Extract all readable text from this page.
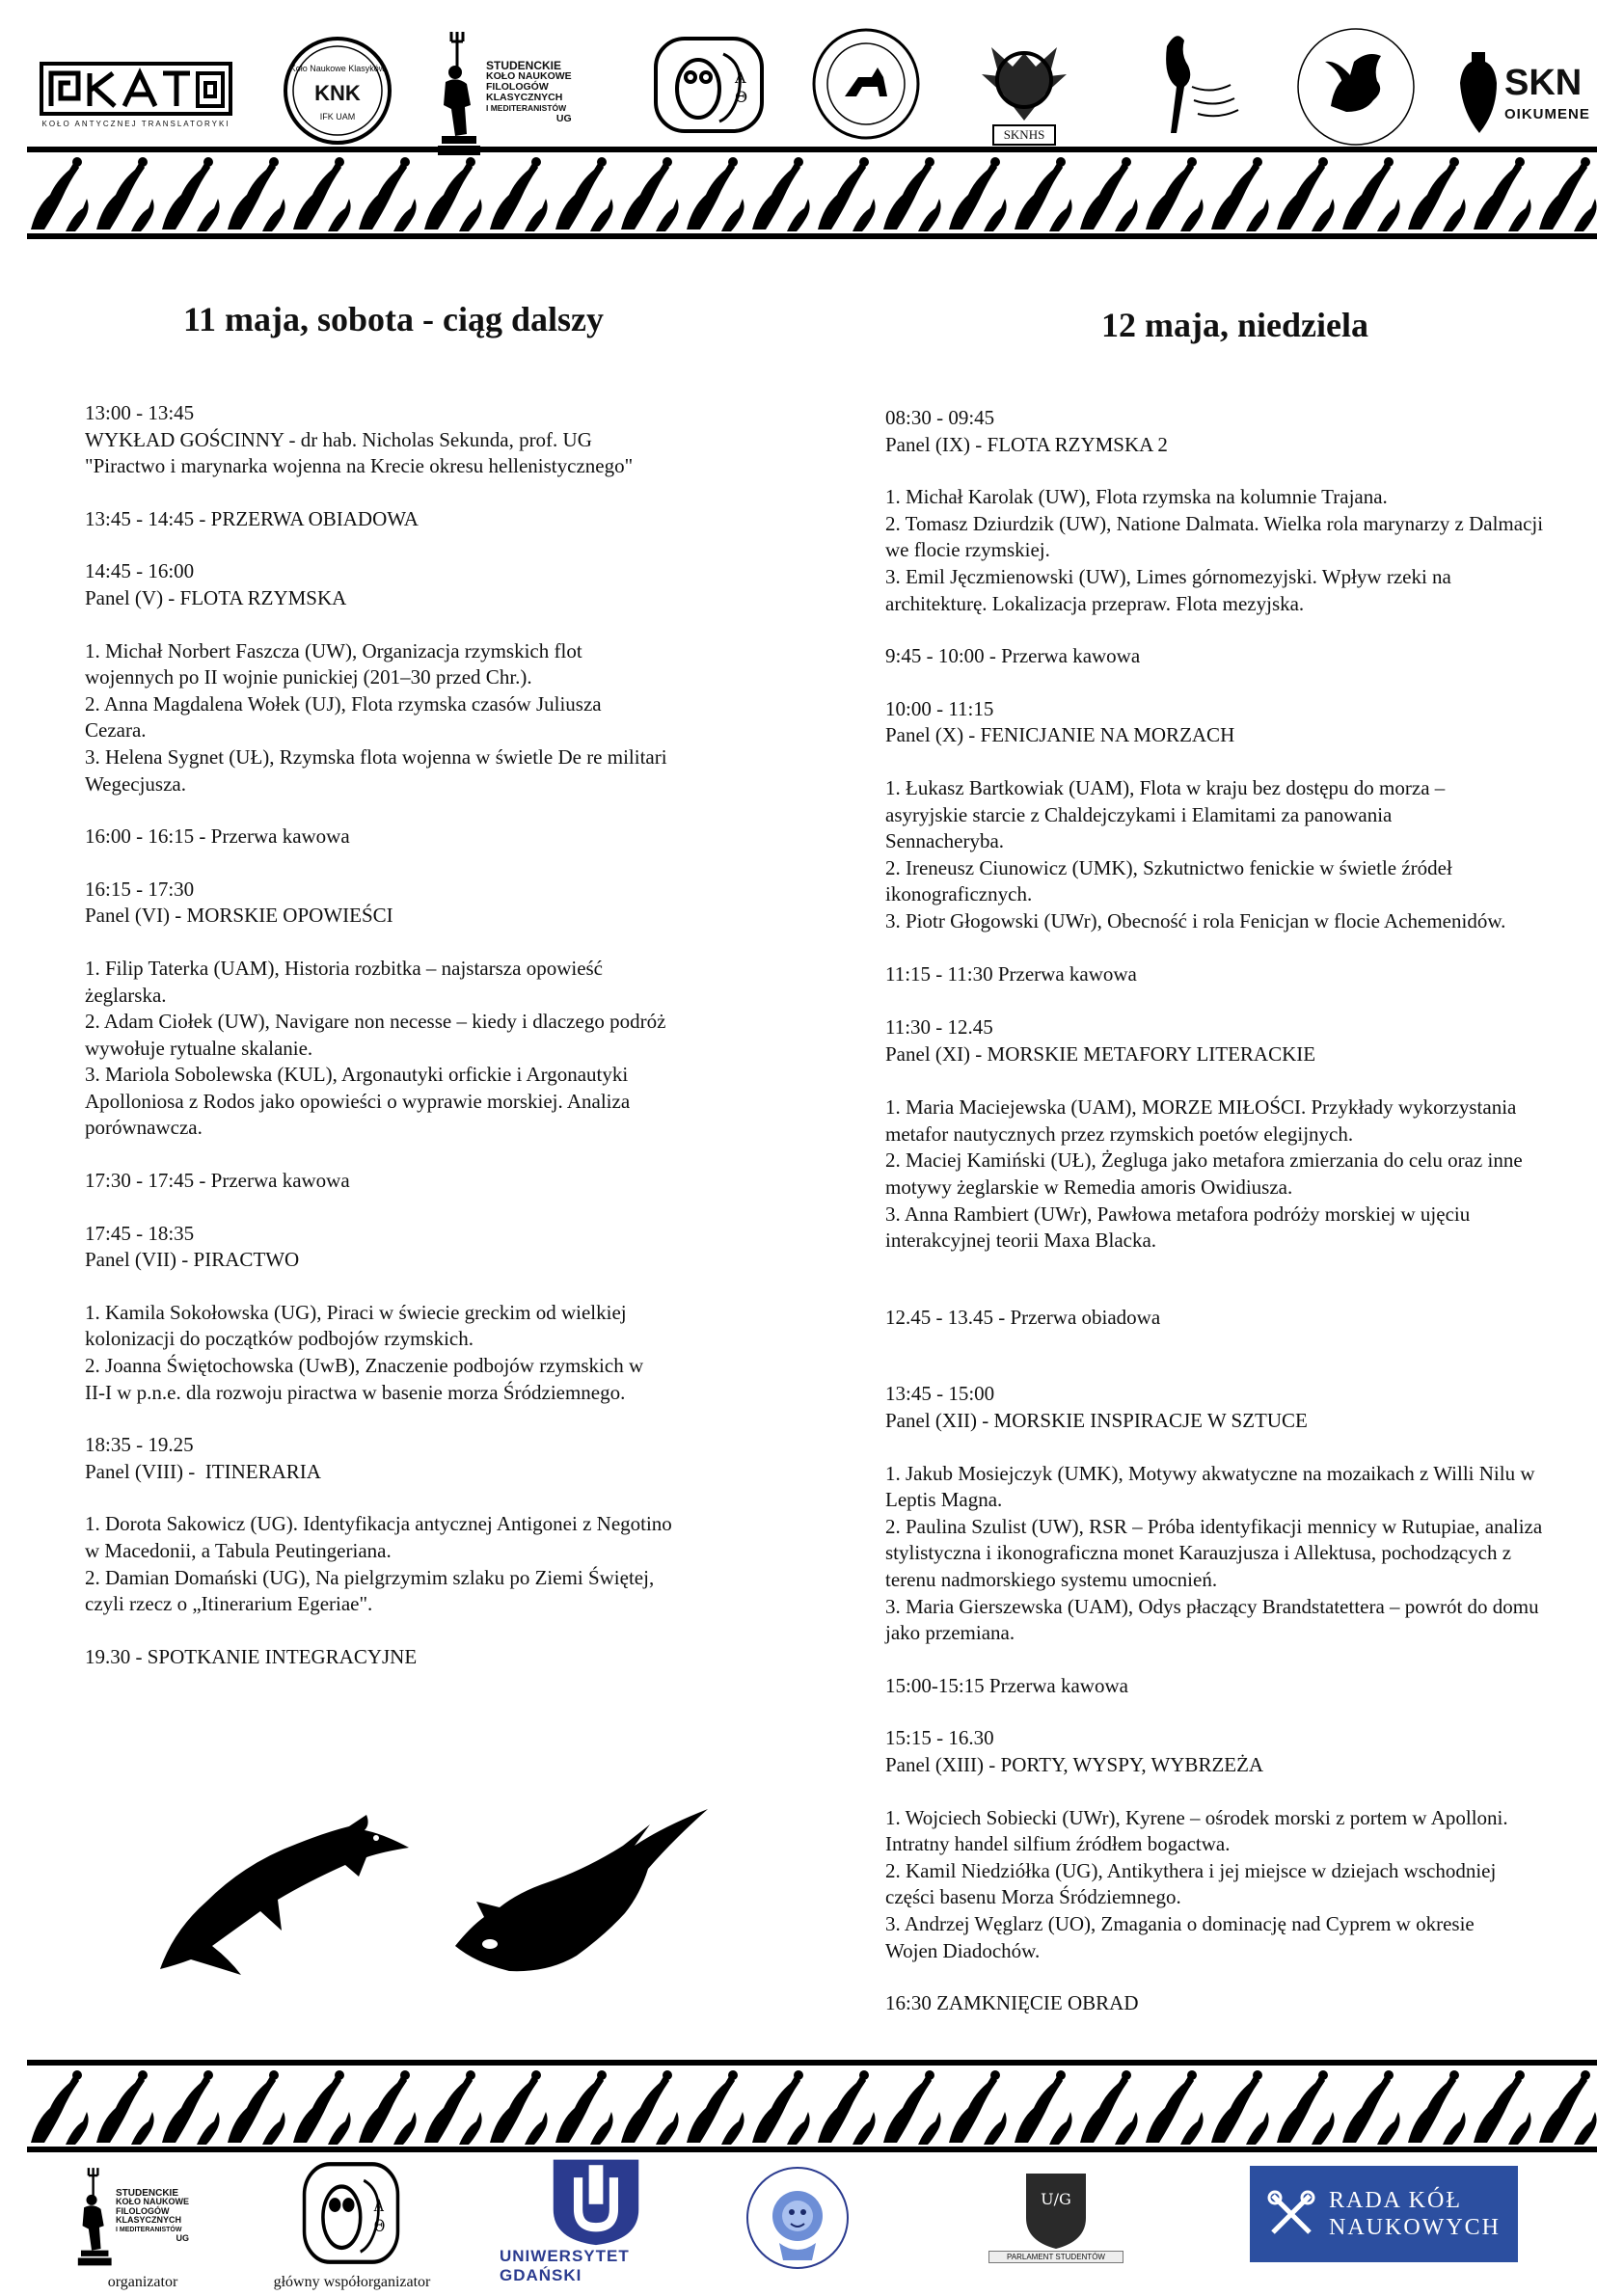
KOŁO ANTYCZNEJ TRANSLATORYKI
Koło Naukowe Klasyków
KNK
IFK UAM
STUDENCKIE
KOŁO NAUKOWE
FILOLOGÓW
KLASYCZNYCH
I MEDITERANISTÓW
UG
Α
Θ
SKNHS
SKN
OIKUMENE
11 maja, sobota - ciąg dalszy	12 maja, niedziela
13:00 - 13:45
WYKŁAD GOŚCINNY - dr hab. Nicholas Sekunda, prof. UG
"Piractwo i marynarka wojenna na Krecie okresu hellenistycznego"
13:45 - 14:45 - PRZERWA OBIADOWA
14:45 - 16:00
Panel (V) - FLOTA RZYMSKA
1. Michał Norbert Faszcza (UW), Organizacja rzymskich flot
wojennych po II wojnie punickiej (201–30 przed Chr.).
2. Anna Magdalena Wołek (UJ), Flota rzymska czasów Juliusza
Cezara.
3. Helena Sygnet (UŁ), Rzymska flota wojenna w świetle De re militari
Wegecjusza.
16:00 - 16:15 - Przerwa kawowa
16:15 - 17:30
Panel (VI) - MORSKIE OPOWIEŚCI
1. Filip Taterka (UAM), Historia rozbitka – najstarsza opowieść
żeglarska.
2. Adam Ciołek (UW), Navigare non necesse – kiedy i dlaczego podróż
wywołuje rytualne skalanie.
3. Mariola Sobolewska (KUL), Argonautyki orfickie i Argonautyki
Apolloniosa z Rodos jako opowieści o wyprawie morskiej. Analiza
porównawcza.
17:30 - 17:45 - Przerwa kawowa
17:45 - 18:35
Panel (VII) - PIRACTWO
1. Kamila Sokołowska (UG), Piraci w świecie greckim od wielkiej
kolonizacji do początków podbojów rzymskich.
2. Joanna Świętochowska (UwB), Znaczenie podbojów rzymskich w
II-I w p.n.e. dla rozwoju piractwa w basenie morza Śródziemnego.
18:35 - 19.25
Panel (VIII) -  ITINERARIA
1. Dorota Sakowicz (UG). Identyfikacja antycznej Antigonei z Negotino
w Macedonii, a Tabula Peutingeriana.
2. Damian Domański (UG), Na pielgrzymim szlaku po Ziemi Świętej,
czyli rzecz o „Itinerarium Egeriae".
19.30 - SPOTKANIE INTEGRACYJNE
08:30 - 09:45
Panel (IX) - FLOTA RZYMSKA 2
1. Michał Karolak (UW), Flota rzymska na kolumnie Trajana.
2. Tomasz Dziurdzik (UW), Natione Dalmata. Wielka rola marynarzy z Dalmacji
we flocie rzymskiej.
3. Emil Jęczmienowski (UW), Limes górnomezyjski. Wpływ rzeki na
architekturę. Lokalizacja przepraw. Flota mezyjska.
9:45 - 10:00 - Przerwa kawowa
10:00 - 11:15
Panel (X) - FENICJANIE NA MORZACH
1. Łukasz Bartkowiak (UAM), Flota w kraju bez dostępu do morza –
asyryjskie starcie z Chaldejczykami i Elamitami za panowania
Sennacheryba.
2. Ireneusz Ciunowicz (UMK), Szkutnictwo fenickie w świetle źródeł
ikonograficznych.
3. Piotr Głogowski (UWr), Obecność i rola Fenicjan w flocie Achemenidów.
11:15 - 11:30 Przerwa kawowa
11:30 - 12.45
Panel (XI) - MORSKIE METAFORY LITERACKIE
1. Maria Maciejewska (UAM), MORZE MIŁOŚCI. Przykłady wykorzystania
metafor nautycznych przez rzymskich poetów elegijnych.
2. Maciej Kamiński (UŁ), Żegluga jako metafora zmierzania do celu oraz inne
motywy żeglarskie w Remedia amoris Owidiusza.
3. Anna Rambiert (UWr), Pawłowa metafora podróży morskiej w ujęciu
interakcyjnej teorii Maxa Blacka.
12.45 - 13.45 - Przerwa obiadowa
13:45 - 15:00
Panel (XII) - MORSKIE INSPIRACJE W SZTUCE
1. Jakub Mosiejczyk (UMK), Motywy akwatyczne na mozaikach z Willi Nilu w
Leptis Magna.
2. Paulina Szulist (UW), RSR – Próba identyfikacji mennicy w Rutupiae, analiza
stylistyczna i ikonograficzna monet Karauzjusza i Allektusa, pochodzących z
terenu nadmorskiego systemu umocnień.
3. Maria Gierszewska (UAM), Odys płaczący Brandstatettera – powrót do domu
jako przemiana.
15:00-15:15 Przerwa kawowa
15:15 - 16.30
Panel (XIII) - PORTY, WYSPY, WYBRZEŻA
1. Wojciech Sobiecki (UWr), Kyrene – ośrodek morski z portem w Apolloni.
Intratny handel silfium źródłem bogactwa.
2. Kamil Niedziółka (UG), Antikythera i jej miejsce w dziejach wschodniej
części basenu Morza Śródziemnego.
3. Andrzej Węglarz (UO), Zmagania o dominację nad Cyprem w okresie
Wojen Diadochów.
16:30 ZAMKNIĘCIE OBRAD
STUDENCKIE
KOŁO NAUKOWE
FILOLOGÓW
KLASYCZNYCH
I MEDITERANISTÓW
UG
organizator
Α
Θ
główny współorganizator
UNIWERSYTET GDAŃSKI
U/G
PARLAMENT STUDENTÓW
RADA KÓŁ
NAUKOWYCH
